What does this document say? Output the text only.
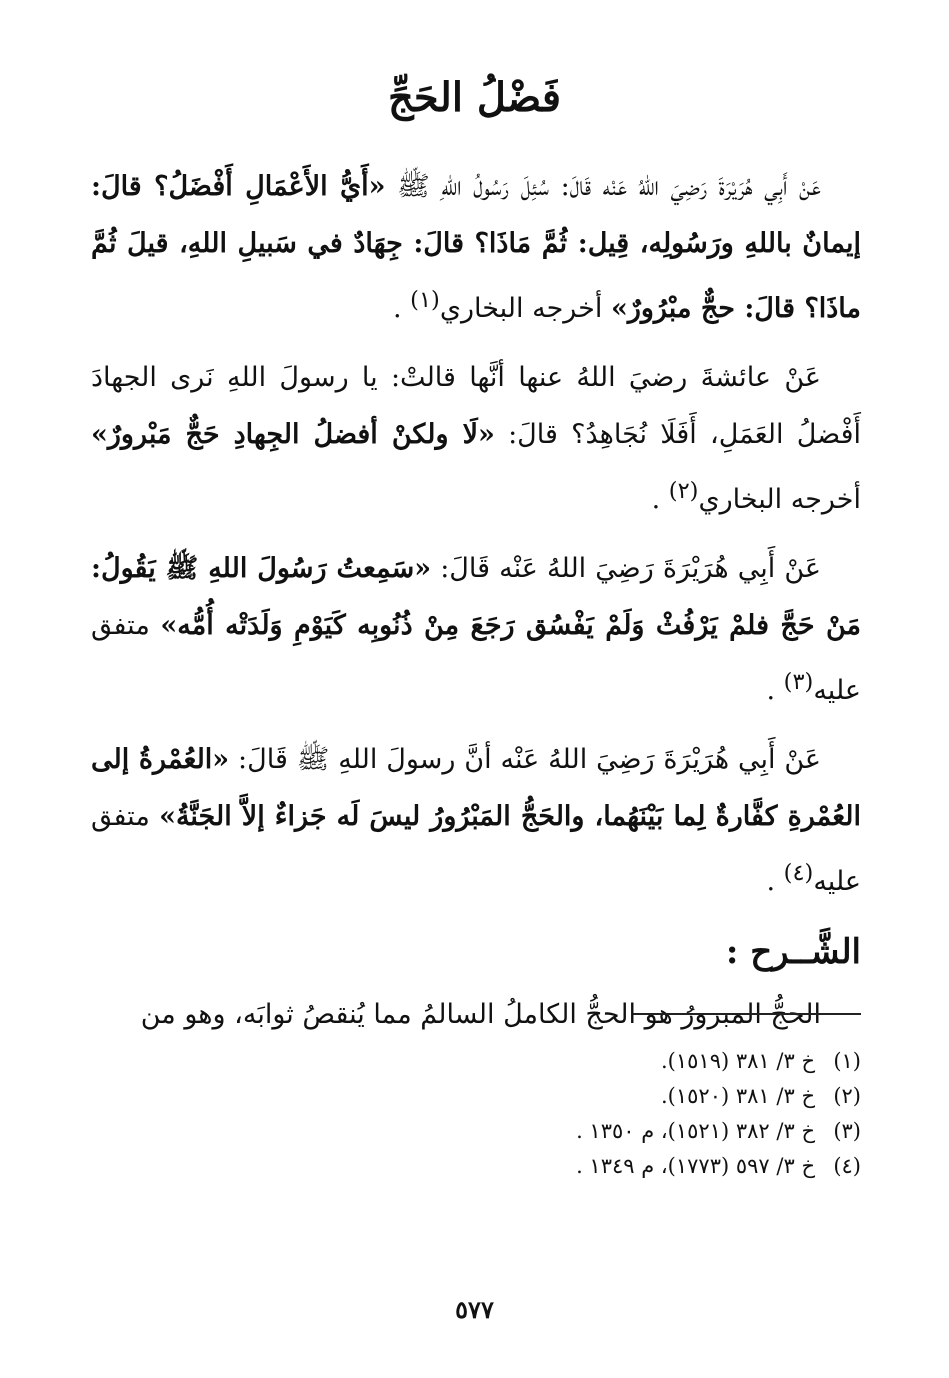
فَضْلُ الحَجِّ

عَنْ أَبِي هُرَيْرَةَ رَضِيَ اللهُ عَنْه قَالَ: سُئِلَ رَسُولُ اللهِ ﷺ «أَيُّ الأَعْمَالِ أَفْضَلُ؟ قالَ: إيمانٌ باللهِ ورَسُولِه، قِيل: ثُمَّ مَاذَا؟ قالَ: جِهَادٌ في سَبيلِ اللهِ، قيلَ ثُمَّ ماذَا؟ قالَ: حجٌّ مبْرُورٌ» أخرجه البخاري$^{(١)}$ .

عَنْ عائشةَ رضيَ اللهُ عنها أنَّها قالتْ: يا رسولَ اللهِ نَرى الجهادَ أَفْضلُ العَمَلِ، أَفَلَا نُجَاهِدُ؟ قالَ: «لَا ولكنْ أفضلُ الجِهادِ حَجٌّ مَبْرورٌ» أخرجه البخاري$^{(٢)}$ .

عَنْ أَبِي هُرَيْرَةَ رَضِيَ اللهُ عَنْه قَالَ: «سَمِعتُ رَسُولَ اللهِ ﷺ يَقُولُ: مَنْ حَجَّ فلمْ يَرْفُثْ وَلَمْ يَفْسُق رَجَعَ مِنْ ذُنُوبِه كَيَوْمِ وَلَدَتْه أُمُّه» متفق عليه$^{(٣)}$ .

عَنْ أَبِي هُرَيْرَةَ رَضِيَ اللهُ عَنْه أنَّ رسولَ اللهِ ﷺ قَالَ: «العُمْرةُ إلى العُمْرةِ كفَّارةٌ لِما بَيْنَهُما، والحَجُّ المَبْرُورُ ليسَ لَه جَزاءٌ إلاَّ الجَنَّةُ» متفق عليه$^{(٤)}$ .

الشَّــرح :

الحجُّ المبرورُ هو الحجُّ الكاملُ السالمُ مما يُنقصُ ثوابَه، وهو من

(١)خ ٣/ ٣٨١ (١٥١٩).
(٢)خ ٣/ ٣٨١ (١٥٢٠).
(٣)خ ٣/ ٣٨٢ (١٥٢١)، م ١٣٥٠ .
(٤)خ ٣/ ٥٩٧ (١٧٧٣)، م ١٣٤٩ .
٥٧٧
